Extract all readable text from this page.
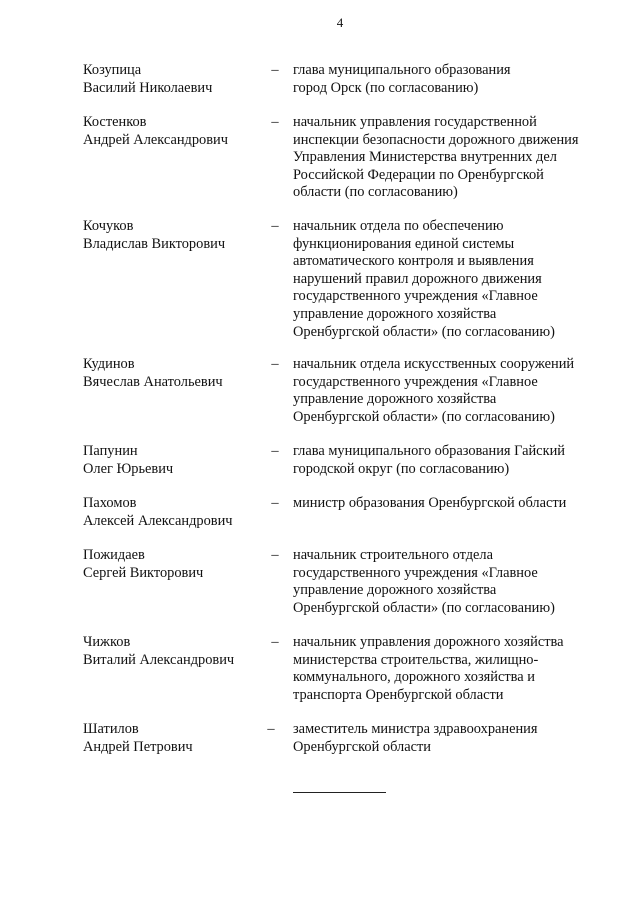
4
Козупица
Василий Николаевич
– глава муниципального образования
город Орск (по согласованию)
Костенков
Андрей Александрович
– начальник управления государственной
инспекции безопасности дорожного движения
Управления Министерства внутренних дел
Российской Федерации по Оренбургской
области (по согласованию)
Кочуков
Владислав Викторович
– начальник отдела по обеспечению
функционирования единой системы
автоматического контроля и выявления
нарушений правил дорожного движения
государственного учреждения «Главное
управление дорожного хозяйства
Оренбургской области» (по согласованию)
Кудинов
Вячеслав Анатольевич
– начальник отдела искусственных сооружений
государственного учреждения «Главное
управление дорожного хозяйства
Оренбургской области» (по согласованию)
Папунин
Олег Юрьевич
– глава муниципального образования Гайский
городской округ (по согласованию)
Пахомов
Алексей Александрович
– министр образования Оренбургской области
Пожидаев
Сергей Викторович
– начальник строительного отдела
государственного учреждения «Главное
управление дорожного хозяйства
Оренбургской области» (по согласованию)
Чижков
Виталий Александрович
– начальник управления дорожного хозяйства
министерства строительства, жилищно-
коммунального, дорожного хозяйства и
транспорта Оренбургской области
Шатилов
Андрей Петрович
– заместитель министра здравоохранения
Оренбургской области
